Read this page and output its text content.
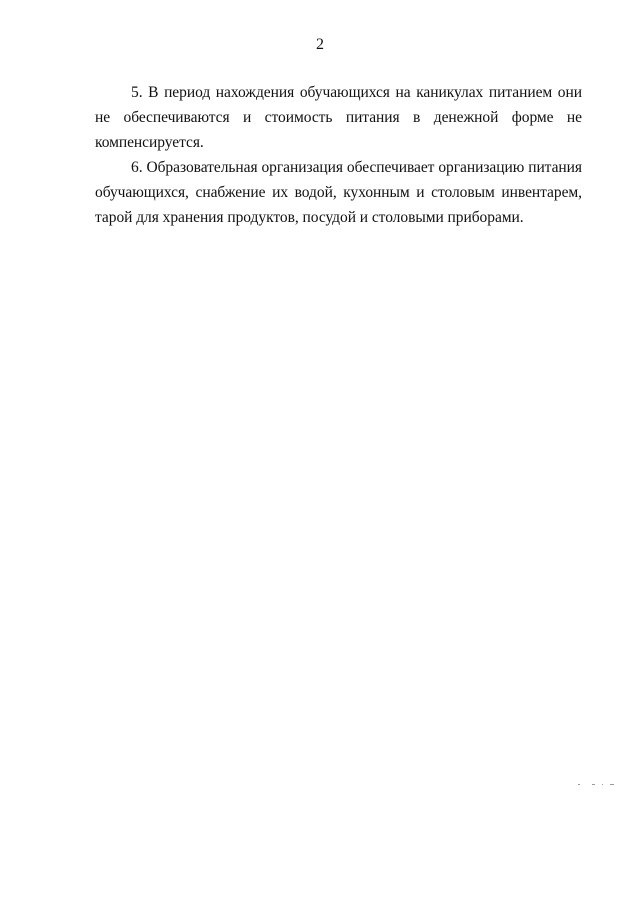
2

5. В период нахождения обучающихся на каникулах питанием они не обеспечиваются и стоимость питания в денежной форме не компенсируется.

6. Образовательная организация обеспечивает организацию питания обучающихся, снабжение их водой, кухонным и столовым инвентарем, тарой для хранения продуктов, посудой и столовыми приборами.
